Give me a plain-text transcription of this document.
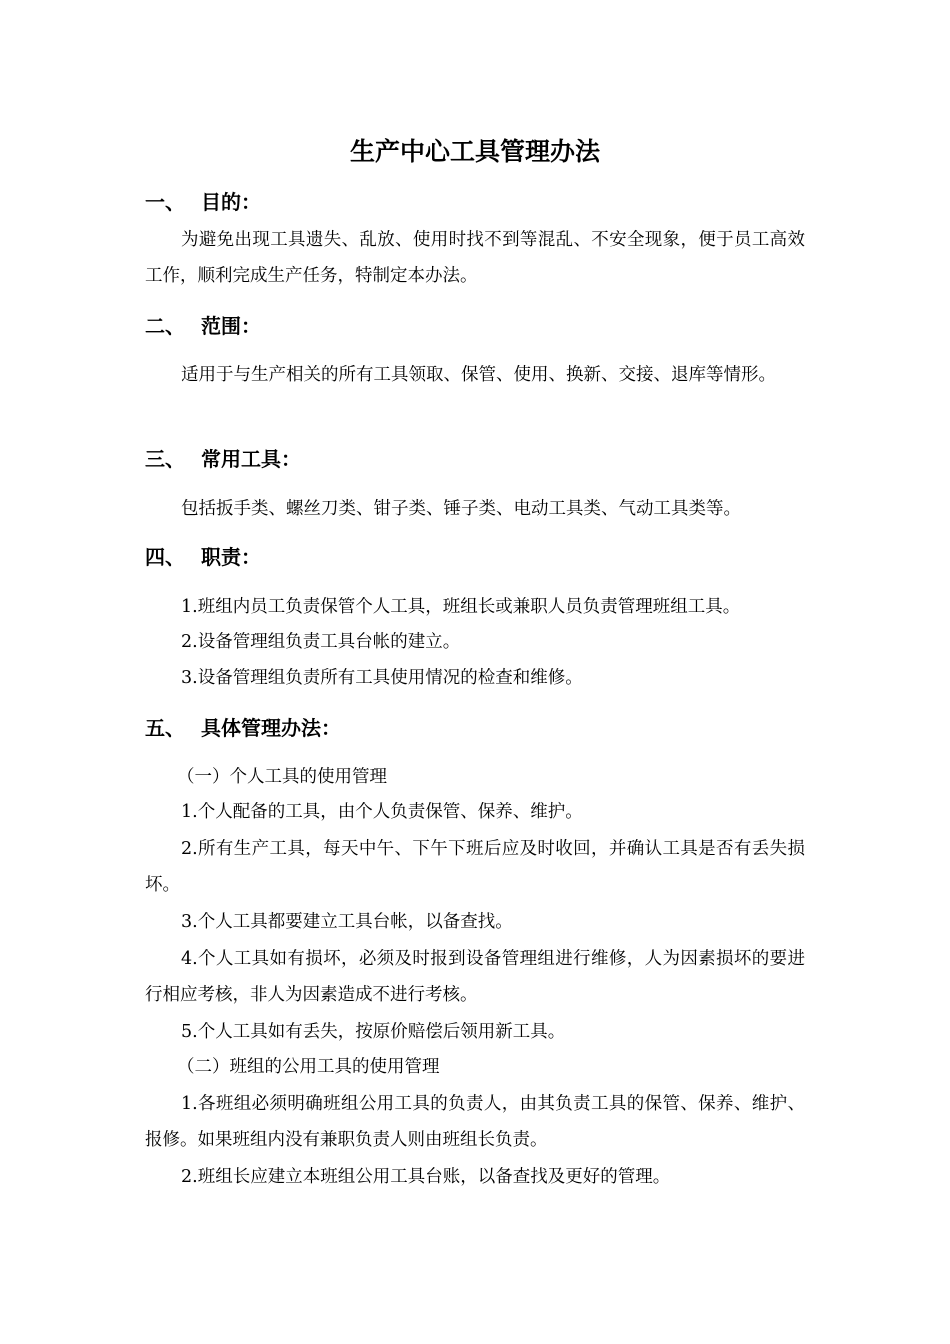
生产中心工具管理办法
一、 目的：
为避免出现工具遗失、乱放、使用时找不到等混乱、不安全现象，便于员工高效工作，顺利完成生产任务，特制定本办法。
二、 范围：
适用于与生产相关的所有工具领取、保管、使用、换新、交接、退库等情形。
三、 常用工具：
包括扳手类、螺丝刀类、钳子类、锤子类、电动工具类、气动工具类等。
四、 职责：
1.班组内员工负责保管个人工具，班组长或兼职人员负责管理班组工具。
2.设备管理组负责工具台帐的建立。
3.设备管理组负责所有工具使用情况的检查和维修。
五、 具体管理办法：
（一）个人工具的使用管理
1.个人配备的工具，由个人负责保管、保养、维护。
2.所有生产工具，每天中午、下午下班后应及时收回，并确认工具是否有丢失损坏。
3.个人工具都要建立工具台帐，以备查找。
4.个人工具如有损坏，必须及时报到设备管理组进行维修，人为因素损坏的要进行相应考核，非人为因素造成不进行考核。
5.个人工具如有丢失，按原价赔偿后领用新工具。
（二）班组的公用工具的使用管理
1.各班组必须明确班组公用工具的负责人，由其负责工具的保管、保养、维护、报修。如果班组内没有兼职负责人则由班组长负责。
2.班组长应建立本班组公用工具台账，以备查找及更好的管理。
